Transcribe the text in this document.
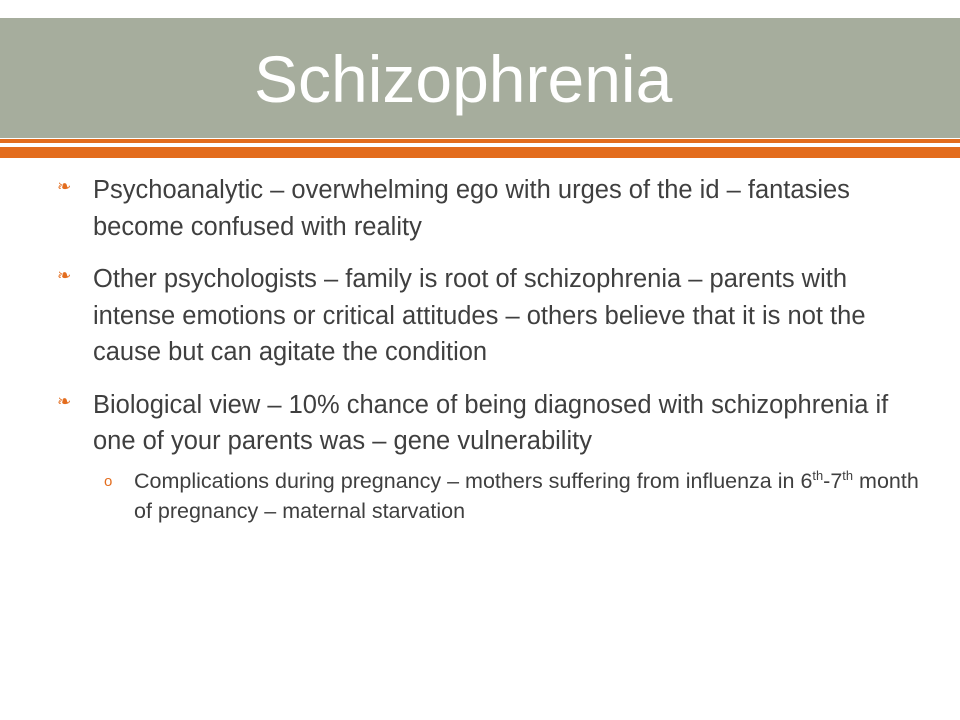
Schizophrenia
❧ Psychoanalytic – overwhelming ego with urges of the id – fantasies become confused with reality
❧ Other psychologists – family is root of schizophrenia – parents with intense emotions or critical attitudes – others believe that it is not the cause but can agitate the condition
❧ Biological view – 10% chance of being diagnosed with schizophrenia if one of your parents was – gene vulnerability
o Complications during pregnancy – mothers suffering from influenza in 6th-7th month of pregnancy – maternal starvation
